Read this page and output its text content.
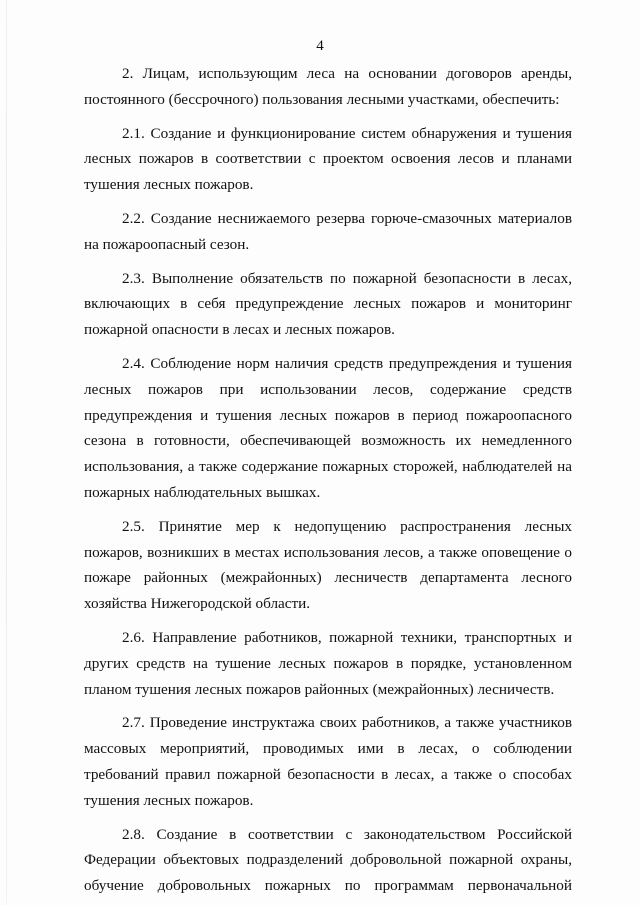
4

2. Лицам, использующим леса на основании договоров аренды, постоянного (бессрочного) пользования лесными участками, обеспечить:

2.1. Создание и функционирование систем обнаружения и тушения лесных пожаров в соответствии с проектом освоения лесов и планами тушения лесных пожаров.

2.2. Создание неснижаемого резерва горюче-смазочных материалов на пожароопасный сезон.

2.3. Выполнение обязательств по пожарной безопасности в лесах, включающих в себя предупреждение лесных пожаров и мониторинг пожарной опасности в лесах и лесных пожаров.

2.4. Соблюдение норм наличия средств предупреждения и тушения лесных пожаров при использовании лесов, содержание средств предупреждения и тушения лесных пожаров в период пожароопасного сезона в готовности, обеспечивающей возможность их немедленного использования, а также содержание пожарных сторожей, наблюдателей на пожарных наблюдательных вышках.

2.5. Принятие мер к недопущению распространения лесных пожаров, возникших в местах использования лесов, а также оповещение о пожаре районных (межрайонных) лесничеств департамента лесного хозяйства Нижегородской области.

2.6. Направление работников, пожарной техники, транспортных и других средств на тушение лесных пожаров в порядке, установленном планом тушения лесных пожаров районных (межрайонных) лесничеств.

2.7. Проведение инструктажа своих работников, а также участников массовых мероприятий, проводимых ими в лесах, о соблюдении требований правил пожарной безопасности в лесах, а также о способах тушения лесных пожаров.

2.8. Создание в соответствии с законодательством Российской Федерации объектовых подразделений добровольной пожарной охраны, обучение добровольных пожарных по программам первоначальной
